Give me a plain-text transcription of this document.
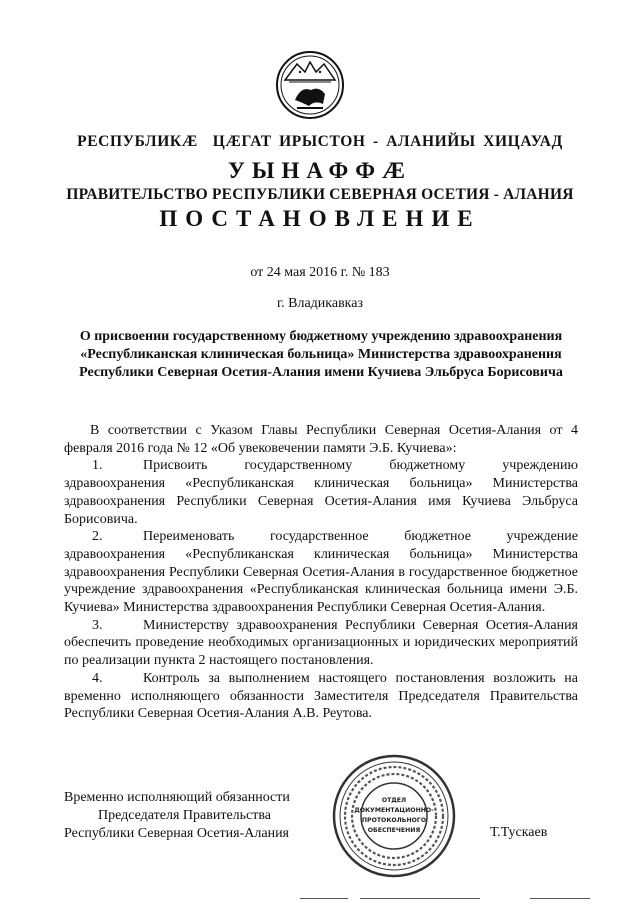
РЕСПУБЛИКӔ  ЦӔГАТ ИРЫСТОН - АЛАНИЙЫ ХИЦАУАД
УЫНАФФӔ
ПРАВИТЕЛЬСТВО РЕСПУБЛИКИ СЕВЕРНАЯ ОСЕТИЯ - АЛАНИЯ
ПОСТАНОВЛЕНИЕ
от 24 мая 2016 г. № 183
г. Владикавказ
О присвоении государственному бюджетному учреждению здравоохранения «Республиканская клиническая больница» Министерства здравоохранения Республики Северная Осетия-Алания имени Кучиева Эльбруса Борисовича

В соответствии с Указом Главы Республики Северная Осетия-Алания от 4 февраля 2016 года № 12 «Об увековечении памяти Э.Б. Кучиева»:

1.	Присвоить государственному бюджетному учреждению здравоохранения «Республиканская клиническая больница» Министерства здравоохранения Республики Северная Осетия-Алания имя Кучиева Эльбруса Борисовича.

2.	Переименовать государственное бюджетное учреждение здравоохранения «Республиканская клиническая больница» Министерства здравоохранения Республики Северная Осетия-Алания в государственное бюджетное учреждение здравоохранения «Республиканская клиническая больница имени Э.Б. Кучиева» Министерства здравоохранения Республики Северная Осетия-Алания.

3.	Министерству здравоохранения Республики Северная Осетия-Алания обеспечить проведение необходимых организационных и юридических мероприятий по реализации пункта 2 настоящего постановления.

4.	Контроль за выполнением настоящего постановления возложить на временно исполняющего обязанности Заместителя Председателя Правительства Республики Северная Осетия-Алания А.В. Реутова.

ОТДЕЛ
ДОКУМЕНТАЦИОННО-
ПРОТОКОЛЬНОГО
ОБЕСПЕЧЕНИЯ
Временно исполняющий обязанности
Председателя Правительства
Республики Северная Осетия-Алания	Т.Тускаев
